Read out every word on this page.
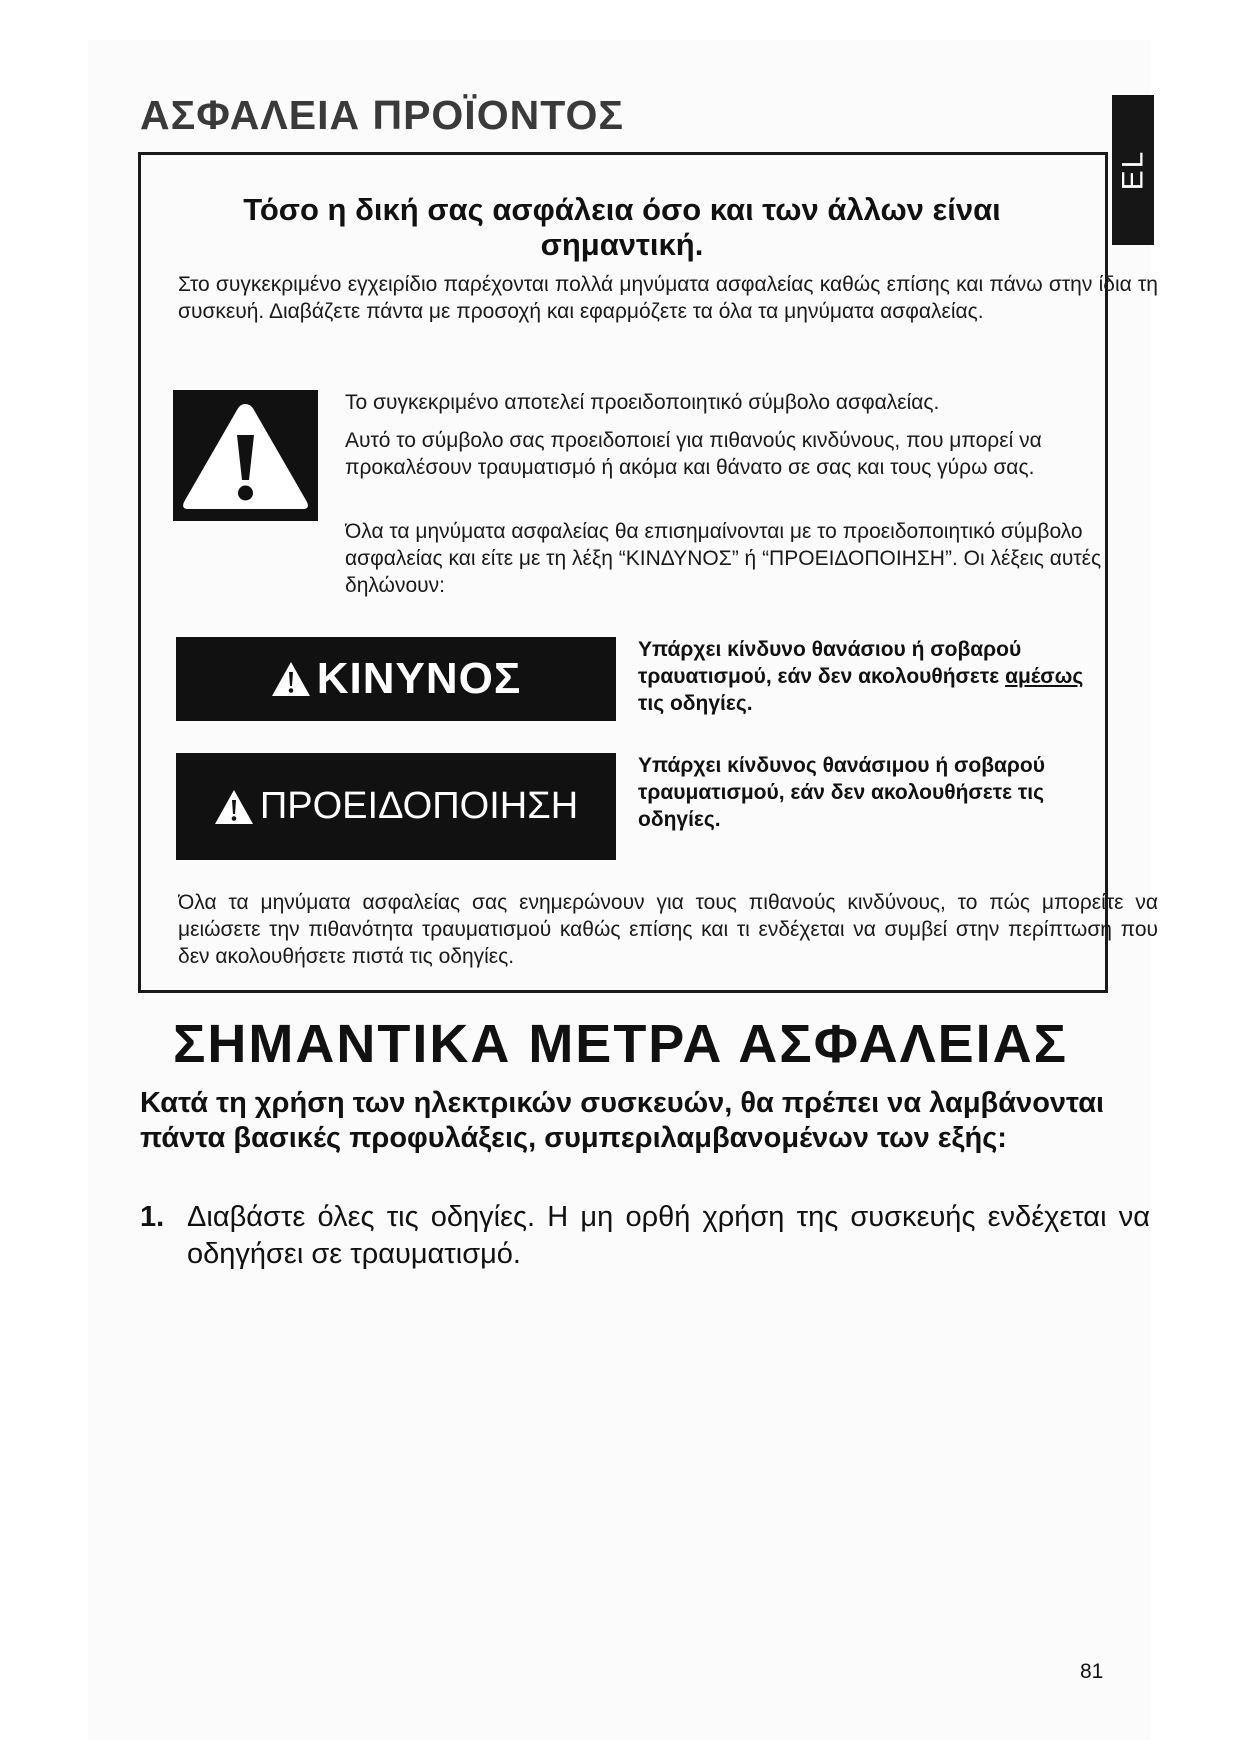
ΑΣΦΑΛΕΙΑ ΠΡΟΪΟΝΤΟΣ
EL
Τόσο η δική σας ασφάλεια όσο και των άλλων είναι σημαντική.

Στο συγκεκριμένο εγχειρίδιο παρέχονται πολλά μηνύματα ασφαλείας καθώς επίσης και πάνω στην ίδια τη συσκευή. Διαβάζετε πάντα με προσοχή και εφαρμόζετε τα όλα τα μηνύματα ασφαλείας.

Το συγκεκριμένο αποτελεί προειδοποιητικό σύμβολο ασφαλείας.

Αυτό το σύμβολο σας προειδοποιεί για πιθανούς κινδύνους, που μπορεί να προκαλέσουν τραυματισμό ή ακόμα και θάνατο σε σας και τους γύρω σας.

Όλα τα μηνύματα ασφαλείας θα επισημαίνονται με το προειδοποιητικό σύμβολο ασφαλείας και είτε με τη λέξη “ΚΙΝΔΥΝΟΣ” ή “ΠΡΟΕΙΔΟΠΟΙΗΣΗ”. Οι λέξεις αυτές δηλώνουν:

ΚΙΝΥΝΟΣ

Υπάρχει κίνδυνο θανάσιου ή σοβαρού τραυατισμού, εάν δεν ακολουθήσετε αμέσως τις οδηγίες.

ΠΡΟΕΙΔΟΠΟΙΗΣΗ

Υπάρχει κίνδυνος θανάσιμου ή σοβαρού τραυματισμού, εάν δεν ακολουθήσετε τις οδηγίες.

Όλα τα μηνύματα ασφαλείας σας ενημερώνουν για τους πιθανούς κινδύνους, το πώς μπορείτε να μειώσετε την πιθανότητα τραυματισμού καθώς επίσης και τι ενδέχεται να συμβεί στην περίπτωση που δεν ακολουθήσετε πιστά τις οδηγίες.

ΣΗΜΑΝΤΙΚΑ ΜΕΤΡΑ ΑΣΦΑΛΕΙΑΣ

Κατά τη χρήση των ηλεκτρικών συσκευών, θα πρέπει να λαμβάνονται πάντα βασικές προφυλάξεις, συμπεριλαμβανομένων των εξής:

1. Διαβάστε όλες τις οδηγίες. Η μη ορθή χρήση της συσκευής ενδέχεται να οδηγήσει σε τραυματισμό.

81
